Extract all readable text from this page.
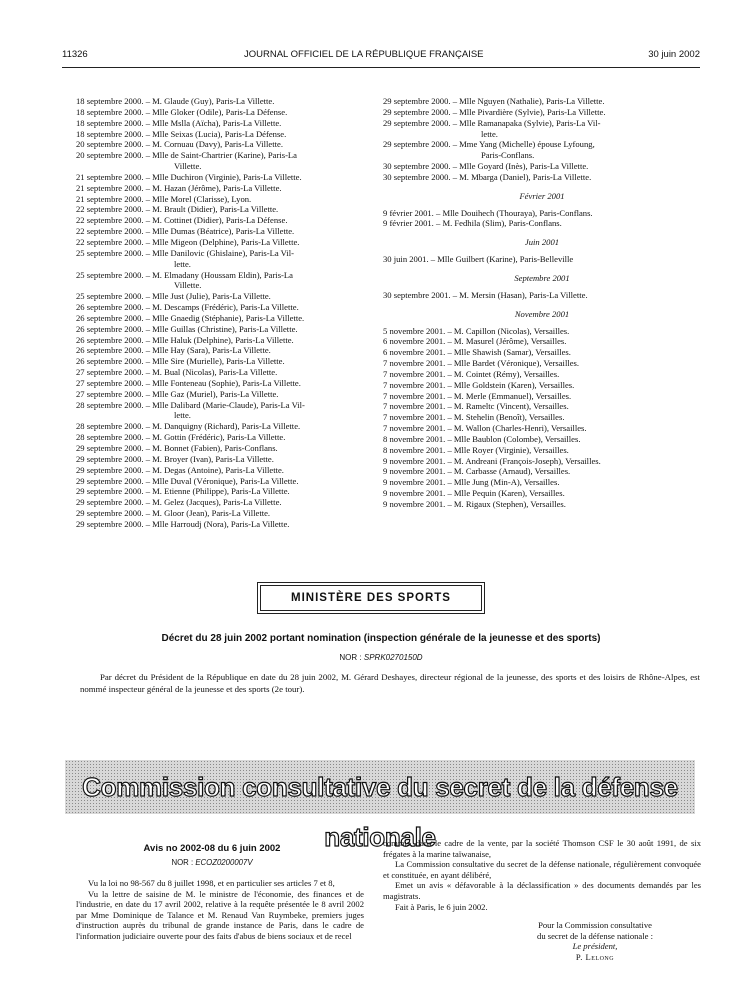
11326	JOURNAL OFFICIEL DE LA RÉPUBLIQUE FRANÇAISE	30 juin 2002
18 septembre 2000. – M. Glaude (Guy), Paris-La Villette.
18 septembre 2000. – Mlle Gloker (Odile), Paris-La Défense.
18 septembre 2000. – Mlle Mslla (Aïcha), Paris-La Villette.
18 septembre 2000. – Mlle Seixas (Lucia), Paris-La Défense.
20 septembre 2000. – M. Cornuau (Davy), Paris-La Villette.
20 septembre 2000. – Mlle de Saint-Chartrier (Karine), Paris-La
Villette.
21 septembre 2000. – Mlle Duchiron (Virginie), Paris-La Villette.
21 septembre 2000. – M. Hazan (Jérôme), Paris-La Villette.
21 septembre 2000. – Mlle Morel (Clarisse), Lyon.
22 septembre 2000. – M. Brault (Didier), Paris-La Villette.
22 septembre 2000. – M. Cottinet (Didier), Paris-La Défense.
22 septembre 2000. – Mlle Dumas (Béatrice), Paris-La Villette.
22 septembre 2000. – Mlle Migeon (Delphine), Paris-La Villette.
25 septembre 2000. – Mlle Danilovic (Ghislaine), Paris-La Vil-
lette.
25 septembre 2000. – M. Elmadany (Houssam Eldin), Paris-La
Villette.
25 septembre 2000. – Mlle Just (Julie), Paris-La Villette.
26 septembre 2000. – M. Descamps (Frédéric), Paris-La Villette.
26 septembre 2000. – Mlle Gnaedig (Stéphanie), Paris-La Villette.
26 septembre 2000. – Mlle Guillas (Christine), Paris-La Villette.
26 septembre 2000. – Mlle Haluk (Delphine), Paris-La Villette.
26 septembre 2000. – Mlle Hay (Sara), Paris-La Villette.
26 septembre 2000. – Mlle Sire (Murielle), Paris-La Villette.
27 septembre 2000. – M. Bual (Nicolas), Paris-La Villette.
27 septembre 2000. – Mlle Fonteneau (Sophie), Paris-La Villette.
27 septembre 2000. – Mlle Gaz (Muriel), Paris-La Villette.
28 septembre 2000. – Mlle Dalibard (Marie-Claude), Paris-La Vil-
lette.
28 septembre 2000. – M. Danquigny (Richard), Paris-La Villette.
28 septembre 2000. – M. Gottin (Frédéric), Paris-La Villette.
29 septembre 2000. – M. Bonnet (Fabien), Paris-Conflans.
29 septembre 2000. – M. Broyer (Ivan), Paris-La Villette.
29 septembre 2000. – M. Degas (Antoine), Paris-La Villette.
29 septembre 2000. – Mlle Duval (Véronique), Paris-La Villette.
29 septembre 2000. – M. Etienne (Philippe), Paris-La Villette.
29 septembre 2000. – M. Gelez (Jacques), Paris-La Villette.
29 septembre 2000. – M. Gloor (Jean), Paris-La Villette.
29 septembre 2000. – Mlle Harroudj (Nora), Paris-La Villette.
29 septembre 2000. – Mlle Nguyen (Nathalie), Paris-La Villette.
29 septembre 2000. – Mlle Pivardière (Sylvie), Paris-La Villette.
29 septembre 2000. – Mlle Ramanapaka (Sylvie), Paris-La Vil-
lette.
29 septembre 2000. – Mme Yang (Michelle) épouse Lyfoung,
Paris-Conflans.
30 septembre 2000. – Mlle Goyard (Inès), Paris-La Villette.
30 septembre 2000. – M. Mbarga (Daniel), Paris-La Villette.
Février 2001
9 février 2001. – Mlle Douihech (Thouraya), Paris-Conflans.
9 février 2001. – M. Fedhila (Slim), Paris-Conflans.
Juin 2001
30 juin 2001. – Mlle Guilbert (Karine), Paris-Belleville
Septembre 2001
30 septembre 2001. – M. Mersin (Hasan), Paris-La Villette.
Novembre 2001
5 novembre 2001. – M. Capillon (Nicolas), Versailles.
6 novembre 2001. – M. Masurel (Jérôme), Versailles.
6 novembre 2001. – Mlle Shawish (Samar), Versailles.
7 novembre 2001. – Mlle Bardet (Véronique), Versailles.
7 novembre 2001. – M. Cointet (Rémy), Versailles.
7 novembre 2001. – Mlle Goldstein (Karen), Versailles.
7 novembre 2001. – M. Merle (Emmanuel), Versailles.
7 novembre 2001. – M. Rameltc (Vincent), Versailles.
7 novembre 2001. – M. Stehelin (Benoît), Versailles.
7 novembre 2001. – M. Wallon (Charles-Henri), Versailles.
8 novembre 2001. – Mlle Baublon (Colombe), Versailles.
8 novembre 2001. – Mlle Royer (Virginie), Versailles.
9 novembre 2001. – M. Andreani (François-Joseph), Versailles.
9 novembre 2001. – M. Carbasse (Arnaud), Versailles.
9 novembre 2001. – Mlle Jung (Min-A), Versailles.
9 novembre 2001. – Mlle Pequin (Karen), Versailles.
9 novembre 2001. – M. Rigaux (Stephen), Versailles.
MINISTÈRE DES SPORTS
Décret du 28 juin 2002 portant nomination (inspection générale de la jeunesse et des sports)
NOR : SPRK0270150D
Par décret du Président de la République en date du 28 juin 2002, M. Gérard Deshayes, directeur régional de la jeunesse, des sports et des loisirs de Rhône-Alpes, est nommé inspecteur général de la jeunesse et des sports (2e tour).
Commission consultative du secret de la défense nationale
Avis no 2002-08 du 6 juin 2002
NOR : ECOZ0200007V

Vu la loi no 98-567 du 8 juillet 1998, et en particulier ses articles 7 et 8,

Vu la lettre de saisine de M. le ministre de l'économie, des finances et de l'industrie, en date du 17 avril 2002, relative à la requête présentée le 8 avril 2002 par Mme Dominique de Talance et M. Renaud Van Ruymbeke, premiers juges d'instruction auprès du tribunal de grande instance de Paris, dans le cadre de l'information judiciaire ouverte pour des faits d'abus de biens sociaux et de recel

commis, dans le cadre de la vente, par la société Thomson CSF le 30 août 1991, de six frégates à la marine taïwanaise,

La Commission consultative du secret de la défense nationale, régulièrement convoquée et constituée, en ayant délibéré,

Emet un avis « défavorable à la déclassification » des documents demandés par les magistrats.

Fait à Paris, le 6 juin 2002.

Pour la Commission consultative
du secret de la défense nationale :
Le président,
P. Lelong
